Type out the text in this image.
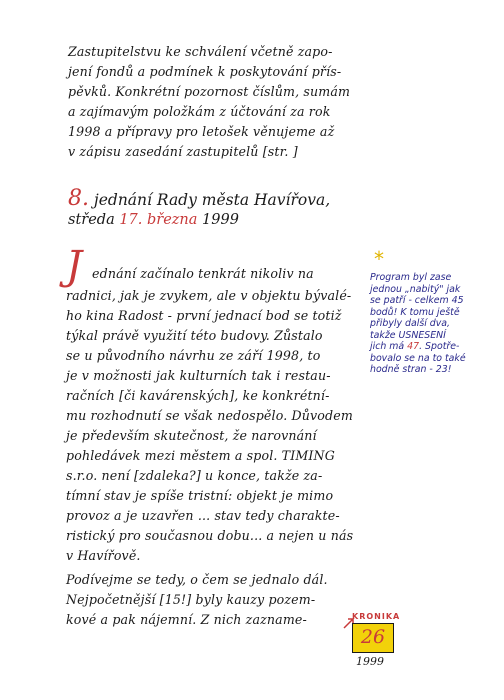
Zastupitelstvu ke schválení včetně zapo-
jení fondů a podmínek k poskytování přís-
pěvků. Konkrétní pozornost číslům, sumám
a zajímavým položkám z účtování za rok
1998 a přípravy pro letošek věnujeme až
v zápisu zasedání zastupitelů [str. ]
8. jednání Rady města Havířova,
středa 17. března 1999
J ednání začínalo tenkrát nikoliv na
radnici, jak je zvykem, ale v objektu bývalé-
ho kina Radost - první jednací bod se totiž
týkal právě využití této budovy. Zůstalo
se u původního návrhu ze září 1998, to
je v možnosti jak kulturních tak i restau-
račních [či kavárenských], ke konkrétní-
mu rozhodnutí se však nedospělo. Důvodem
je především skutečnost, že narovnání
pohledávek mezi městem a spol. TIMING
s.r.o. není [zdaleka?] u konce, takže za-
tímní stav je spíše tristní: objekt je mimo
provoz a je uzavřen ... stav tedy charakte-
ristický pro současnou dobu... a nejen u nás
v Havířově.
Podívejme se tedy, o čem se jednalo dál.
Nejpočetnější [15!] byly kauzy pozem-
kové a pak nájemní. Z nich zazname-
*
Program byl zase
jednou „nabitý" jak
se patří - celkem 45
bodů! K tomu ještě
přibyly další dva,
takže USNESENÍ
jich má 47. Spotře-
bovalo se na to také
hodně stran - 23!
KRONIKA
26
1999
